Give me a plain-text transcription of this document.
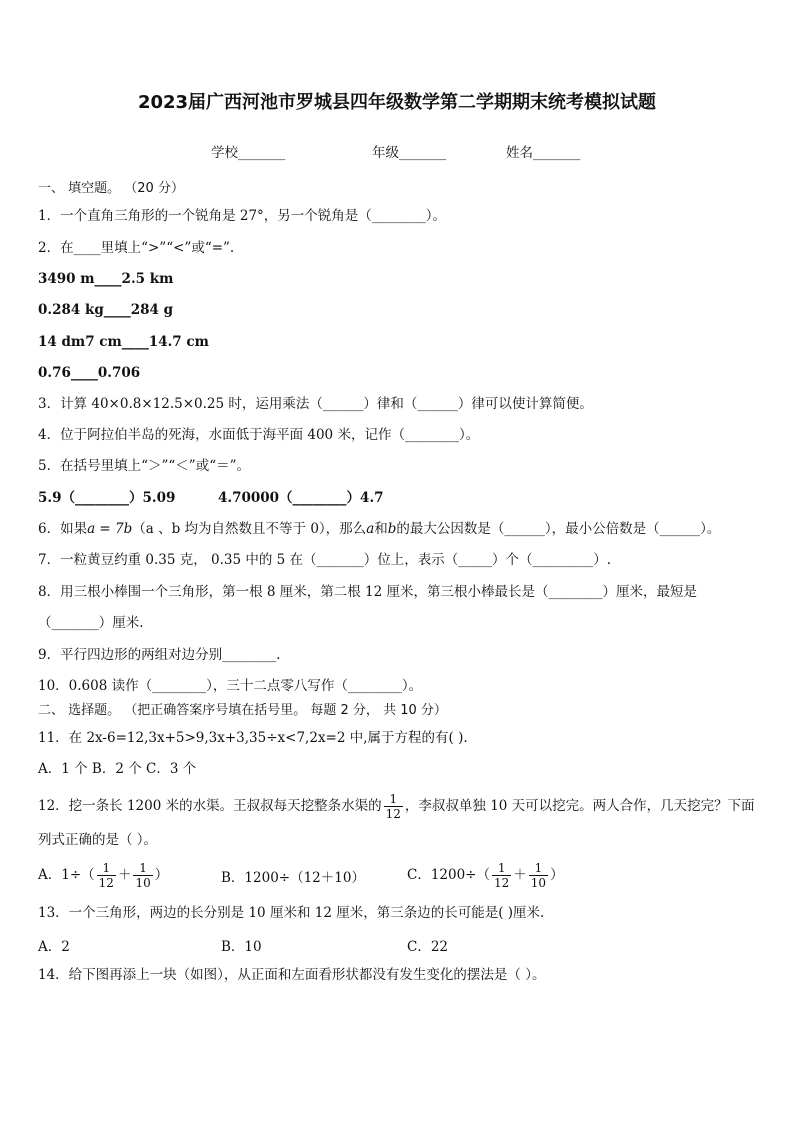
2023届广西河池市罗城县四年级数学第二学期期末统考模拟试题
学校_______	年级_______	姓名_______
一、 填空题。 （20 分）
1．一个直角三角形的一个锐角是 27°，另一个锐角是（________）。
2．在____里填上“>”“<”或“=”.
3490 m____2.5 km
0.284 kg____284 g
14 dm7 cm____14.7 cm
0.76____0.706
3．计算 40×0.8×12.5×0.25 时，运用乘法（______）律和（______）律可以使计算简便。
4．位于阿拉伯半岛的死海，水面低于海平面 400 米，记作（________）。
5．在括号里填上“＞”“＜”或“＝”。
5.9（________）5.09	4.70000（________）4.7
6．如果a = 7b（a 、b 均为自然数且不等于 0），那么a和b的最大公因数是（______），最小公倍数是（______）。
7．一粒黄豆约重 0.35 克， 0.35 中的 5 在（_______）位上，表示（_____）个（_________）.
8．用三根小棒围一个三角形，第一根 8 厘米，第二根 12 厘米，第三根小棒最长是（________）厘米，最短是
（_______）厘米.
9．平行四边形的两组对边分别________.
10．0.608 读作（________），三十二点零八写作（________）。
二、 选择题。 （把正确答案序号填在括号里。 每题 2 分， 共 10 分）
11．在 2x-6=12,3x+5>9,3x+3,35÷x<7,2x=2 中,属于方程的有( ).
A．1 个 B．2 个 C．3 个
12．挖一条长 1200 米的水渠。王叔叔每天挖整条水渠的 $\frac{1}{12}$ ，李叔叔单独 10 天可以挖完。两人合作，几天挖完？下面
列式正确的是（ ）。
A．$1\div( \frac{1}{12} + \frac{1}{10}$ ）	B．1200÷（12＋10）	C．$1200\div( \frac{1}{12} + \frac{1}{10}$ ）
13．一个三角形，两边的长分别是 10 厘米和 12 厘米，第三条边的长可能是( )厘米.
A．2	B．10	C．22
14．给下图再添上一块（如图），从正面和左面看形状都没有发生变化的摆法是（ ）。
